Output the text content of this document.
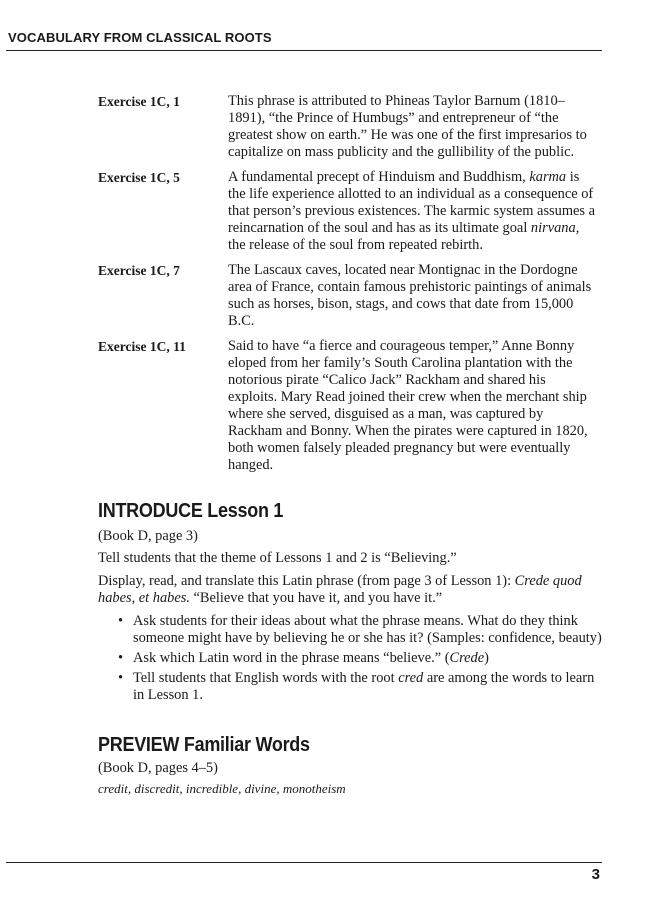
VOCABULARY FROM CLASSICAL ROOTS
Exercise 1C, 1	This phrase is attributed to Phineas Taylor Barnum (1810–1891), “the Prince of Humbugs” and entrepreneur of “the greatest show on earth.” He was one of the first impresarios to capitalize on mass publicity and the gullibility of the public.
Exercise 1C, 5	A fundamental precept of Hinduism and Buddhism, karma is the life experience allotted to an individual as a consequence of that person’s previous existences. The karmic system assumes a reincarnation of the soul and has as its ultimate goal nirvana, the release of the soul from repeated rebirth.
Exercise 1C, 7	The Lascaux caves, located near Montignac in the Dordogne area of France, contain famous prehistoric paintings of animals such as horses, bison, stags, and cows that date from 15,000 B.C.
Exercise 1C, 11	Said to have “a fierce and courageous temper,” Anne Bonny eloped from her family’s South Carolina plantation with the notorious pirate “Calico Jack” Rackham and shared his exploits. Mary Read joined their crew when the merchant ship where she served, disguised as a man, was captured by Rackham and Bonny. When the pirates were captured in 1820, both women falsely pleaded pregnancy but were eventually hanged.
INTRODUCE Lesson 1
(Book D, page 3)
Tell students that the theme of Lessons 1 and 2 is “Believing.”
Display, read, and translate this Latin phrase (from page 3 of Lesson 1): Crede quod habes, et habes. “Believe that you have it, and you have it.”
• Ask students for their ideas about what the phrase means. What do they think someone might have by believing he or she has it? (Samples: confidence, beauty)
• Ask which Latin word in the phrase means “believe.” (Crede)
• Tell students that English words with the root cred are among the words to learn in Lesson 1.
PREVIEW Familiar Words
(Book D, pages 4–5)
credit, discredit, incredible, divine, monotheism
3
